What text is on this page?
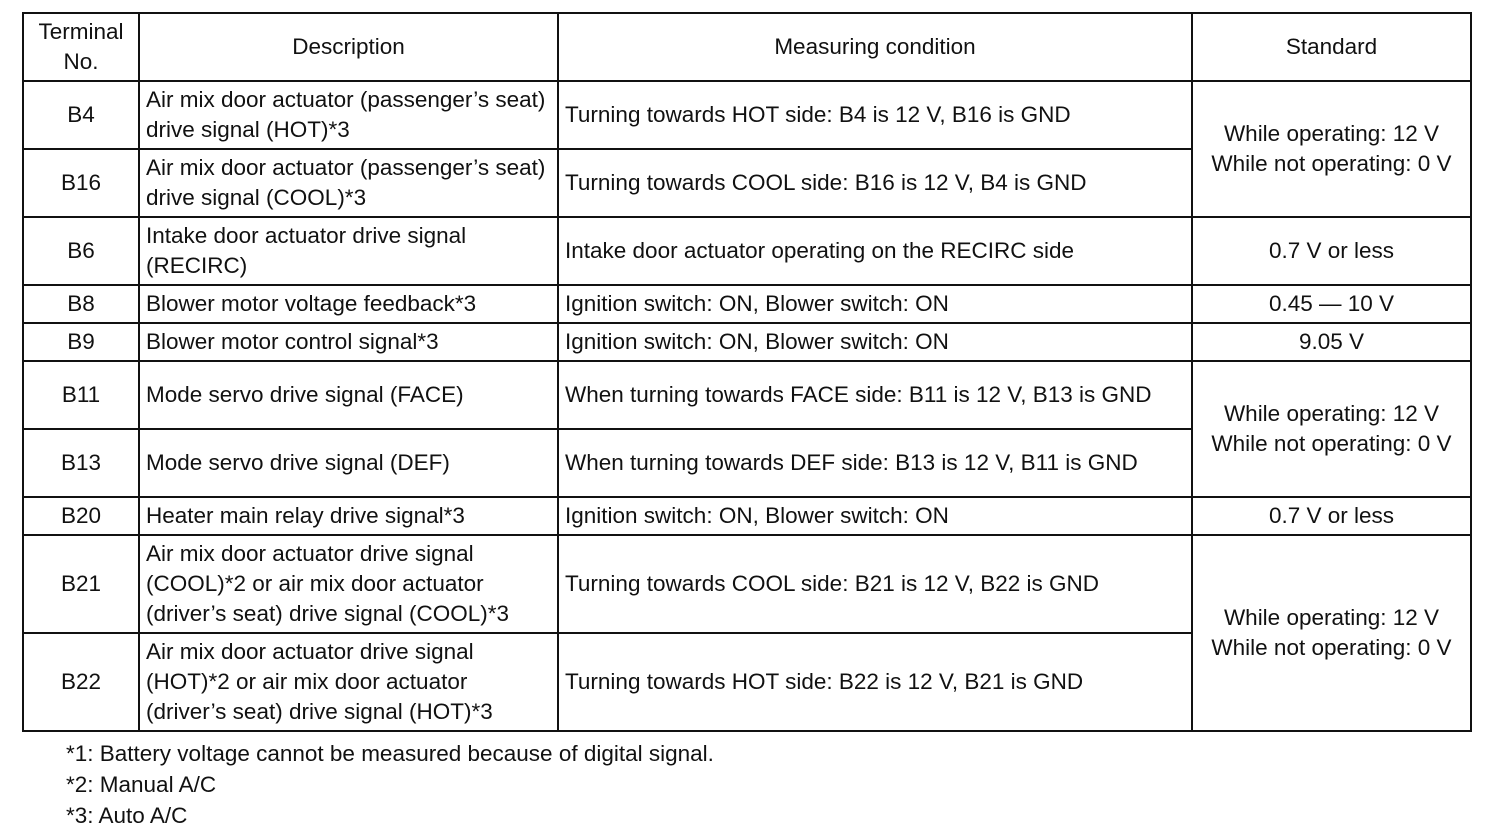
Terminal No.	Description	Measuring condition	Standard
B4	Air mix door actuator (passenger’s seat) drive signal (HOT)*3	Turning towards HOT side: B4 is 12 V, B16 is GND	While operating: 12 V
While not operating: 0 V

B16	Air mix door actuator (passenger’s seat) drive signal (COOL)*3	Turning towards COOL side: B16 is 12 V, B4 is GND	
B6	Intake door actuator drive signal (RECIRC)	Intake door actuator operating on the RECIRC side	0.7 V or less
B8	Blower motor voltage feedback*3	Ignition switch: ON, Blower switch: ON	0.45 — 10 V
B9	Blower motor control signal*3	Ignition switch: ON, Blower switch: ON	9.05 V
B11	Mode servo drive signal (FACE)	When turning towards FACE side: B11 is 12 V, B13 is GND	While operating: 12 V
While not operating: 0 V

B13	Mode servo drive signal (DEF)	When turning towards DEF side: B13 is 12 V, B11 is GND	
B20	Heater main relay drive signal*3	Ignition switch: ON, Blower switch: ON	0.7 V or less
B21	Air mix door actuator drive signal (COOL)*2 or air mix door actuator (driver’s seat) drive signal (COOL)*3	Turning towards COOL side: B21 is 12 V, B22 is GND	While operating: 12 V
While not operating: 0 V

B22	Air mix door actuator drive signal (HOT)*2 or air mix door actuator (driver’s seat) drive signal (HOT)*3	Turning towards HOT side: B22 is 12 V, B21 is GND	
*1: Battery voltage cannot be measured because of digital signal.
*2: Manual A/C
*3: Auto A/C
